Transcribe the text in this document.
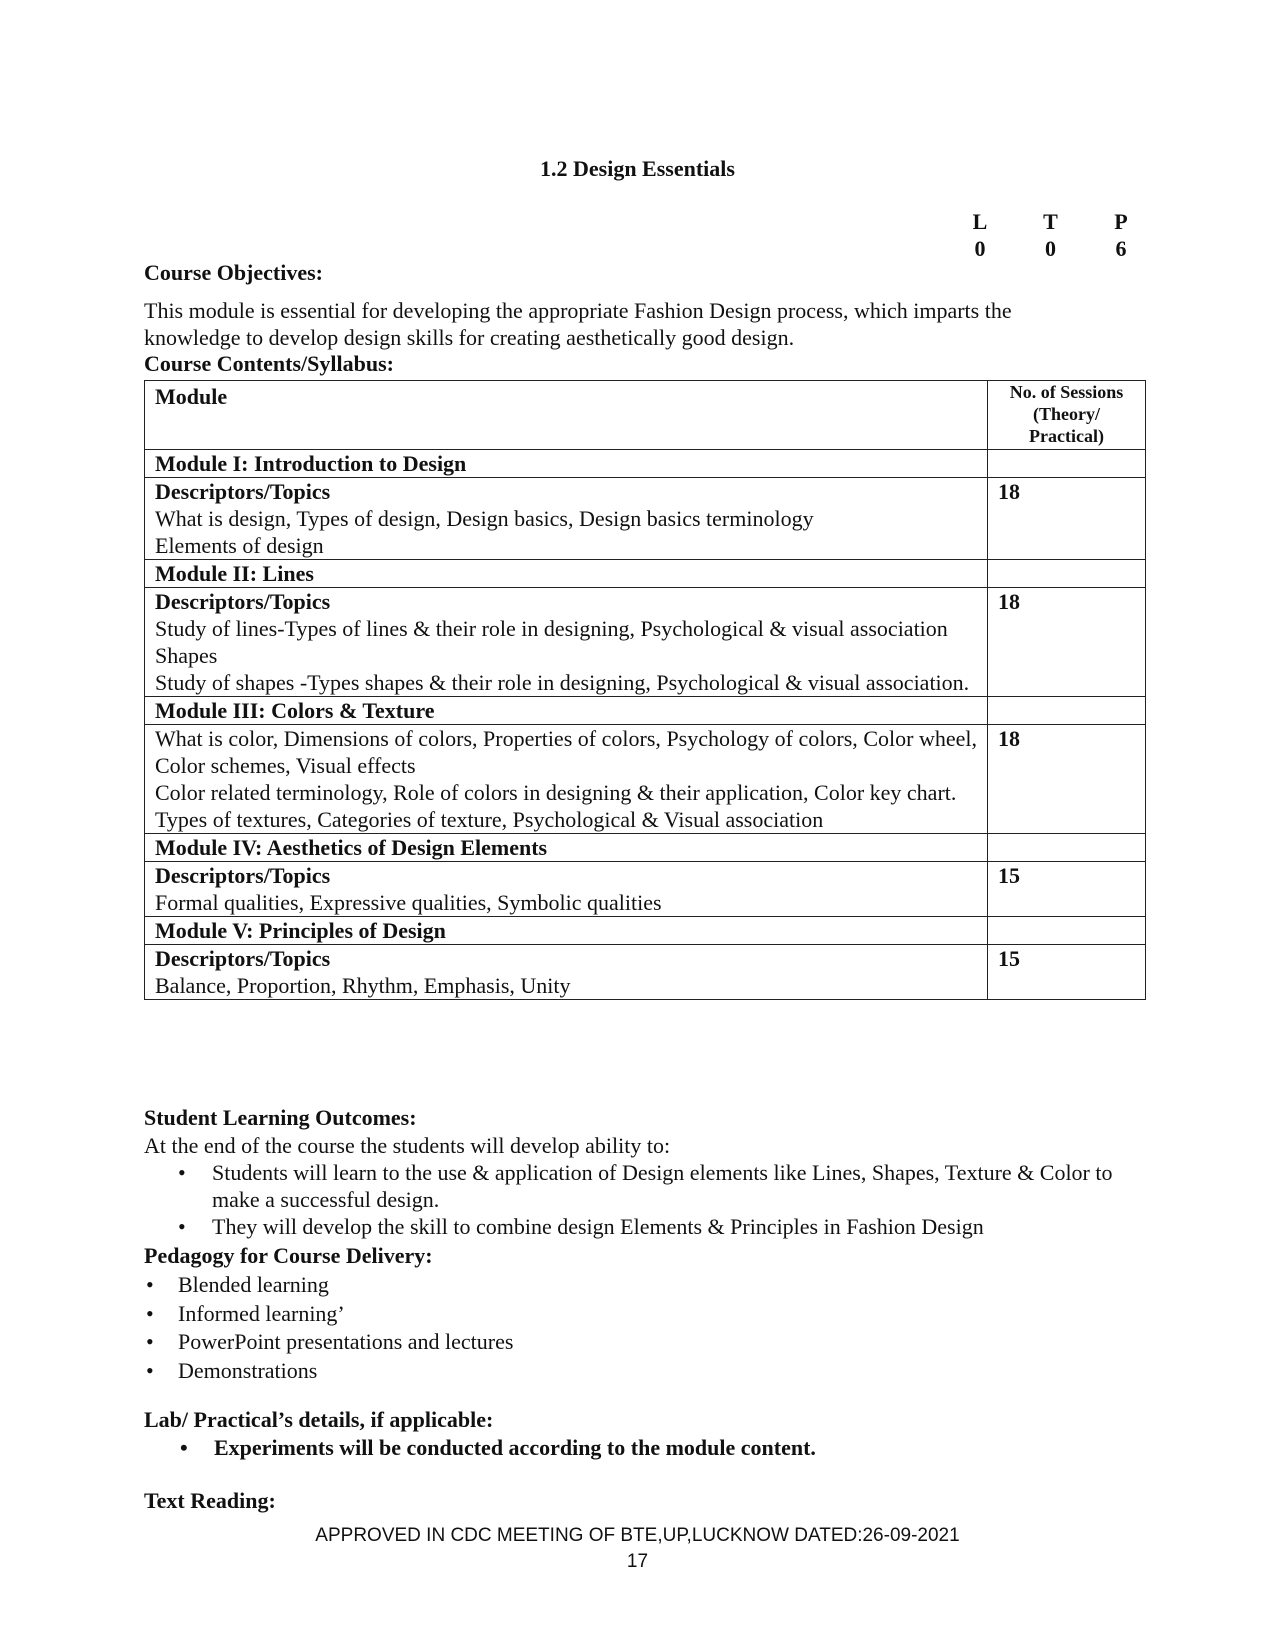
1.2 Design Essentials
L	T	P
0	0	6
Course Objectives:
This module is essential for developing the appropriate Fashion Design process, which imparts the knowledge to develop design skills for creating aesthetically good design.
Course Contents/Syllabus:
Module	No. of Sessions
(Theory/
Practical)

Module I: Introduction to Design	

Descriptors/Topics
What is design, Types of design, Design basics, Design basics terminology
Elements of design	18
Module II: Lines	

Descriptors/Topics
Study of lines-Types of lines & their role in designing, Psychological & visual association
Shapes
Study of shapes -Types shapes & their role in designing, Psychological & visual association.	18
Module III: Colors & Texture	

What is color, Dimensions of colors, Properties of colors, Psychology of colors, Color wheel, Color schemes, Visual effects
Color related terminology, Role of colors in designing & their application, Color key chart.
Types of textures, Categories of texture, Psychological & Visual association	18
Module IV: Aesthetics of Design Elements	

Descriptors/Topics
Formal qualities, Expressive qualities, Symbolic qualities	15
Module V: Principles of Design	

Descriptors/Topics
Balance, Proportion, Rhythm, Emphasis, Unity	15
Student Learning Outcomes:
At the end of the course the students will develop ability to:
• Students will learn to the use & application of Design elements like Lines, Shapes, Texture & Color to make a successful design.
• They will develop the skill to combine design Elements & Principles in Fashion Design
Pedagogy for Course Delivery:
• Blended learning
• Informed learning’
• PowerPoint presentations and lectures
• Demonstrations
Lab/ Practical’s details, if applicable:
• Experiments will be conducted according to the module content.
Text Reading:
APPROVED IN CDC MEETING OF BTE,UP,LUCKNOW DATED:26-09-2021
17
